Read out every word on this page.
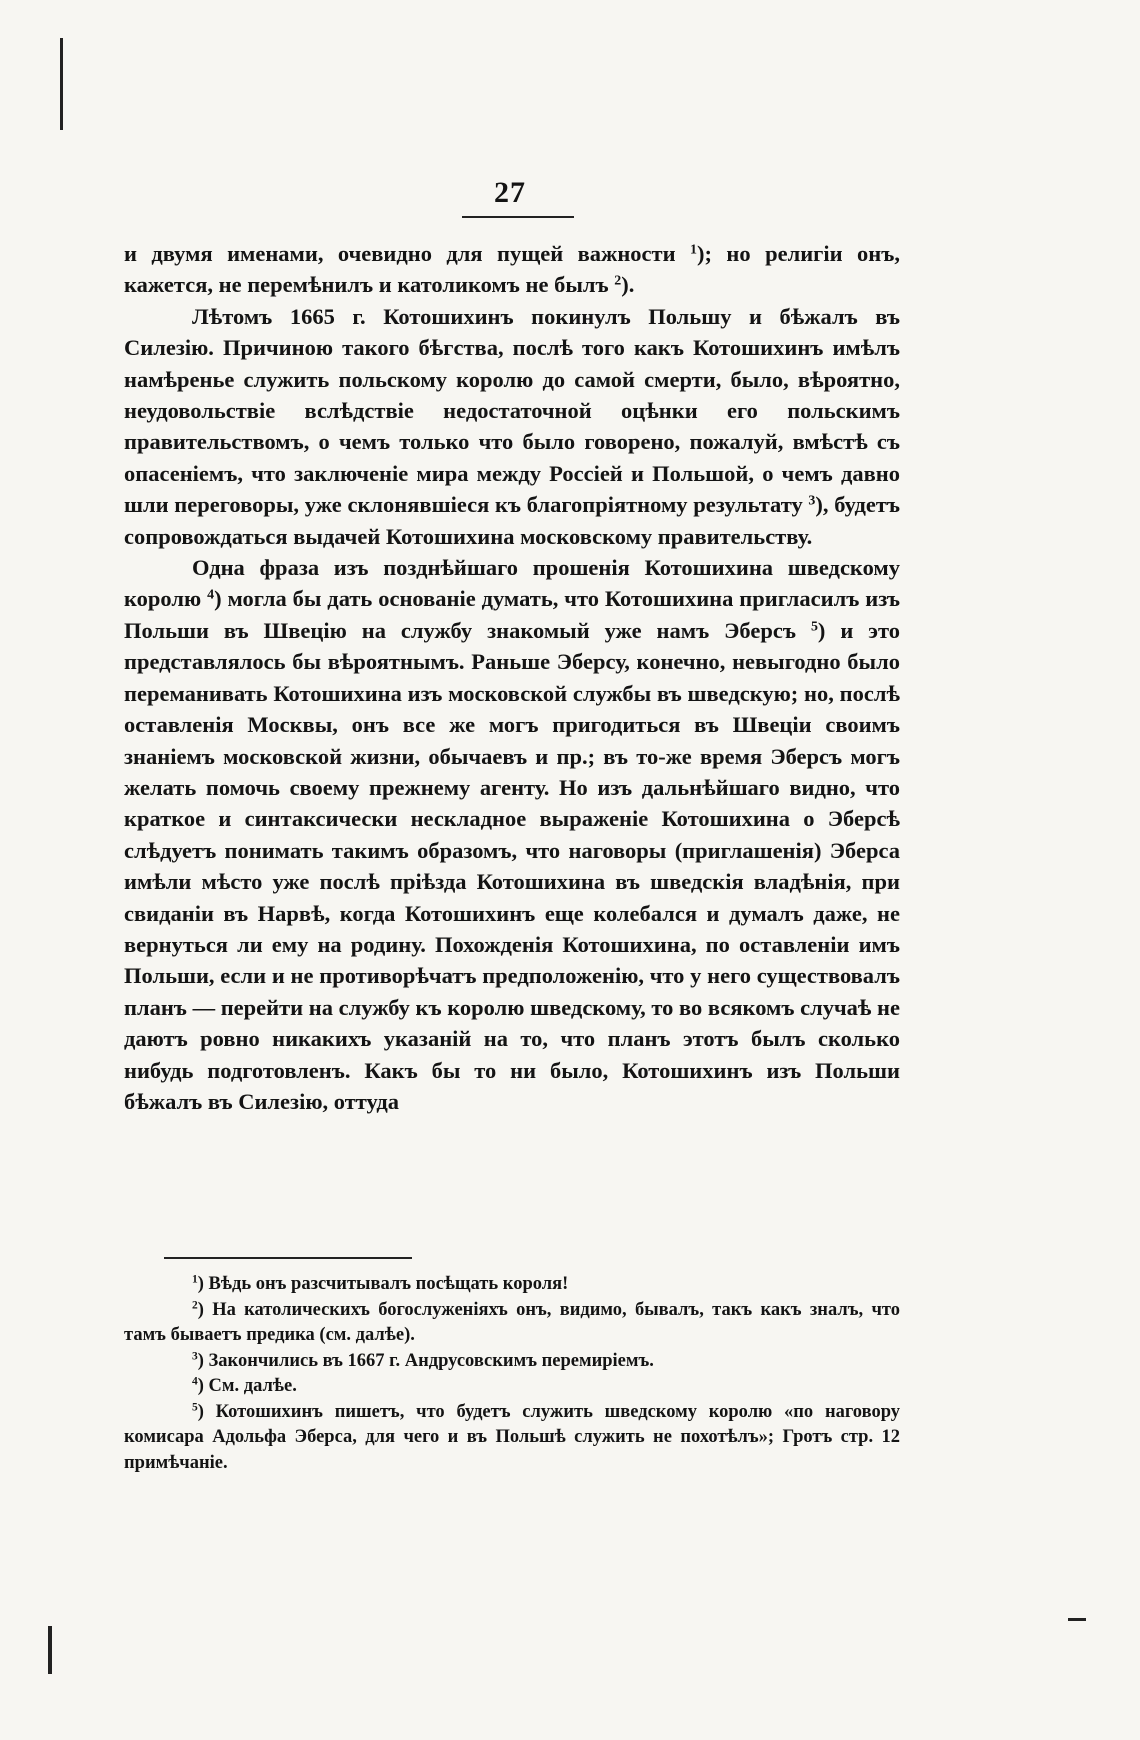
27

и двумя именами, очевидно для пущей важности $^1$); но религіи онъ, кажется, не перемѣнилъ и католикомъ не былъ $^2$).

Лѣтомъ 1665 г. Котошихинъ покинулъ Польшу и бѣжалъ въ Силезію. Причиною такого бѣгства, послѣ того какъ Котошихинъ имѣлъ намѣренье служить польскому королю до самой смерти, было, вѣроятно, неудовольствіе вслѣдствіе недостаточной оцѣнки его польскимъ правительствомъ, о чемъ только что было говорено, пожалуй, вмѣстѣ съ опасеніемъ, что заключеніе мира между Россіей и Польшой, о чемъ давно шли переговоры, уже склонявшіеся къ благопріятному результату $^3$), будетъ сопровождаться выдачей Котошихина московскому правительству.

Одна фраза изъ позднѣйшаго прошенія Котошихина шведскому королю $^4$) могла бы дать основаніе думать, что Котошихина пригласилъ изъ Польши въ Швецію на службу знакомый уже намъ Эберсъ $^5$) и это представлялось бы вѣроятнымъ. Раньше Эберсу, конечно, невыгодно было переманивать Котошихина изъ московской службы въ шведскую; но, послѣ оставленія Москвы, онъ все же могъ пригодиться въ Швеціи своимъ знаніемъ московской жизни, обычаевъ и пр.; въ то-же время Эберсъ могъ желать помочь своему прежнему агенту. Но изъ дальнѣйшаго видно, что краткое и синтаксически нескладное выраженіе Котошихина о Эберсѣ слѣдуетъ понимать такимъ образомъ, что наговоры (приглашенія) Эберса имѣли мѣсто уже послѣ пріѣзда Котошихина въ шведскія владѣнія, при свиданіи въ Нарвѣ, когда Котошихинъ еще колебался и думалъ даже, не вернуться ли ему на родину. Похожденія Котошихина, по оставленіи имъ Польши, если и не противорѣчатъ предположенію, что у него существовалъ планъ — перейти на службу къ королю шведскому, то во всякомъ случаѣ не даютъ ровно никакихъ указаній на то, что планъ этотъ былъ сколько нибудь подготовленъ. Какъ бы то ни было, Котошихинъ изъ Польши бѣжалъ въ Силезію, оттуда

$^1$) Вѣдь онъ разсчитывалъ посѣщать короля!

$^2$) На католическихъ богослуженіяхъ онъ, видимо, бывалъ, такъ какъ зналъ, что тамъ бываетъ предика (см. далѣе).

$^3$) Закончились въ 1667 г. Андрусовскимъ перемиріемъ.

$^4$) См. далѣе.

$^5$) Котошихинъ пишетъ, что будетъ служить шведскому королю «по наговору комисара Адольфа Эберса, для чего и въ Польшѣ служить не похотѣлъ»; Гротъ стр. 12 примѣчаніе.
